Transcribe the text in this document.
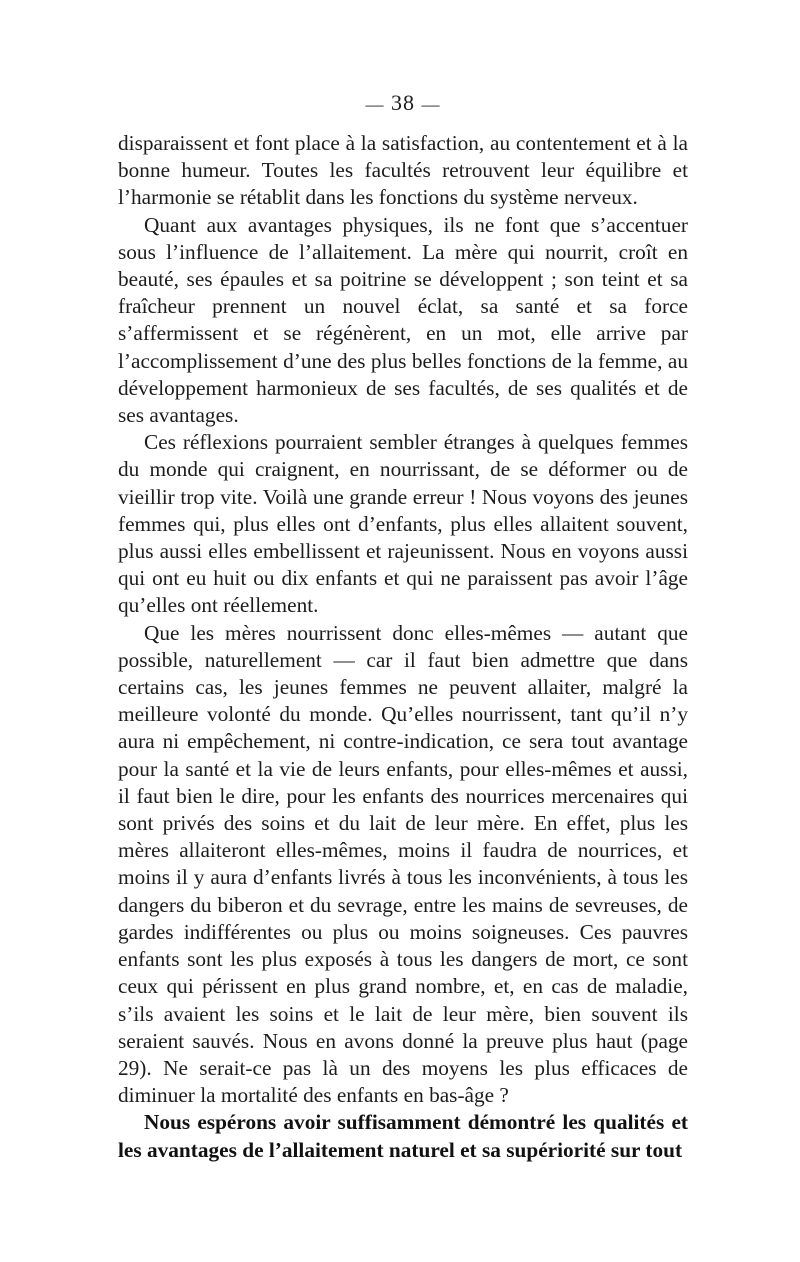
— 38 —

disparaissent et font place à la satisfaction, au contentement et à la bonne humeur. Toutes les facultés retrouvent leur équilibre et l’harmonie se rétablit dans les fonctions du système nerveux.

Quant aux avantages physiques, ils ne font que s’accentuer sous l’influence de l’allaitement. La mère qui nourrit, croît en beauté, ses épaules et sa poitrine se développent ; son teint et sa fraîcheur prennent un nouvel éclat, sa santé et sa force s’affermissent et se régénèrent, en un mot, elle arrive par l’accomplissement d’une des plus belles fonctions de la femme, au développement harmonieux de ses facultés, de ses qualités et de ses avantages.

Ces réflexions pourraient sembler étranges à quelques femmes du monde qui craignent, en nourrissant, de se déformer ou de vieillir trop vite. Voilà une grande erreur ! Nous voyons des jeunes femmes qui, plus elles ont d’enfants, plus elles allaitent souvent, plus aussi elles embellissent et rajeunissent. Nous en voyons aussi qui ont eu huit ou dix enfants et qui ne paraissent pas avoir l’âge qu’elles ont réellement.

Que les mères nourrissent donc elles-mêmes — autant que possible, naturellement — car il faut bien admettre que dans certains cas, les jeunes femmes ne peuvent allaiter, malgré la meilleure volonté du monde. Qu’elles nourrissent, tant qu’il n’y aura ni empêchement, ni contre-indication, ce sera tout avantage pour la santé et la vie de leurs enfants, pour elles-mêmes et aussi, il faut bien le dire, pour les enfants des nourrices mercenaires qui sont privés des soins et du lait de leur mère. En effet, plus les mères allaiteront elles-mêmes, moins il faudra de nourrices, et moins il y aura d’enfants livrés à tous les inconvénients, à tous les dangers du biberon et du sevrage, entre les mains de sevreuses, de gardes indifférentes ou plus ou moins soigneuses. Ces pauvres enfants sont les plus exposés à tous les dangers de mort, ce sont ceux qui périssent en plus grand nombre, et, en cas de maladie, s’ils avaient les soins et le lait de leur mère, bien souvent ils seraient sauvés. Nous en avons donné la preuve plus haut (page 29). Ne serait-ce pas là un des moyens les plus efficaces de diminuer la mortalité des enfants en bas-âge ?

Nous espérons avoir suffisamment démontré les qualités et les avantages de l’allaitement naturel et sa supériorité sur tout
